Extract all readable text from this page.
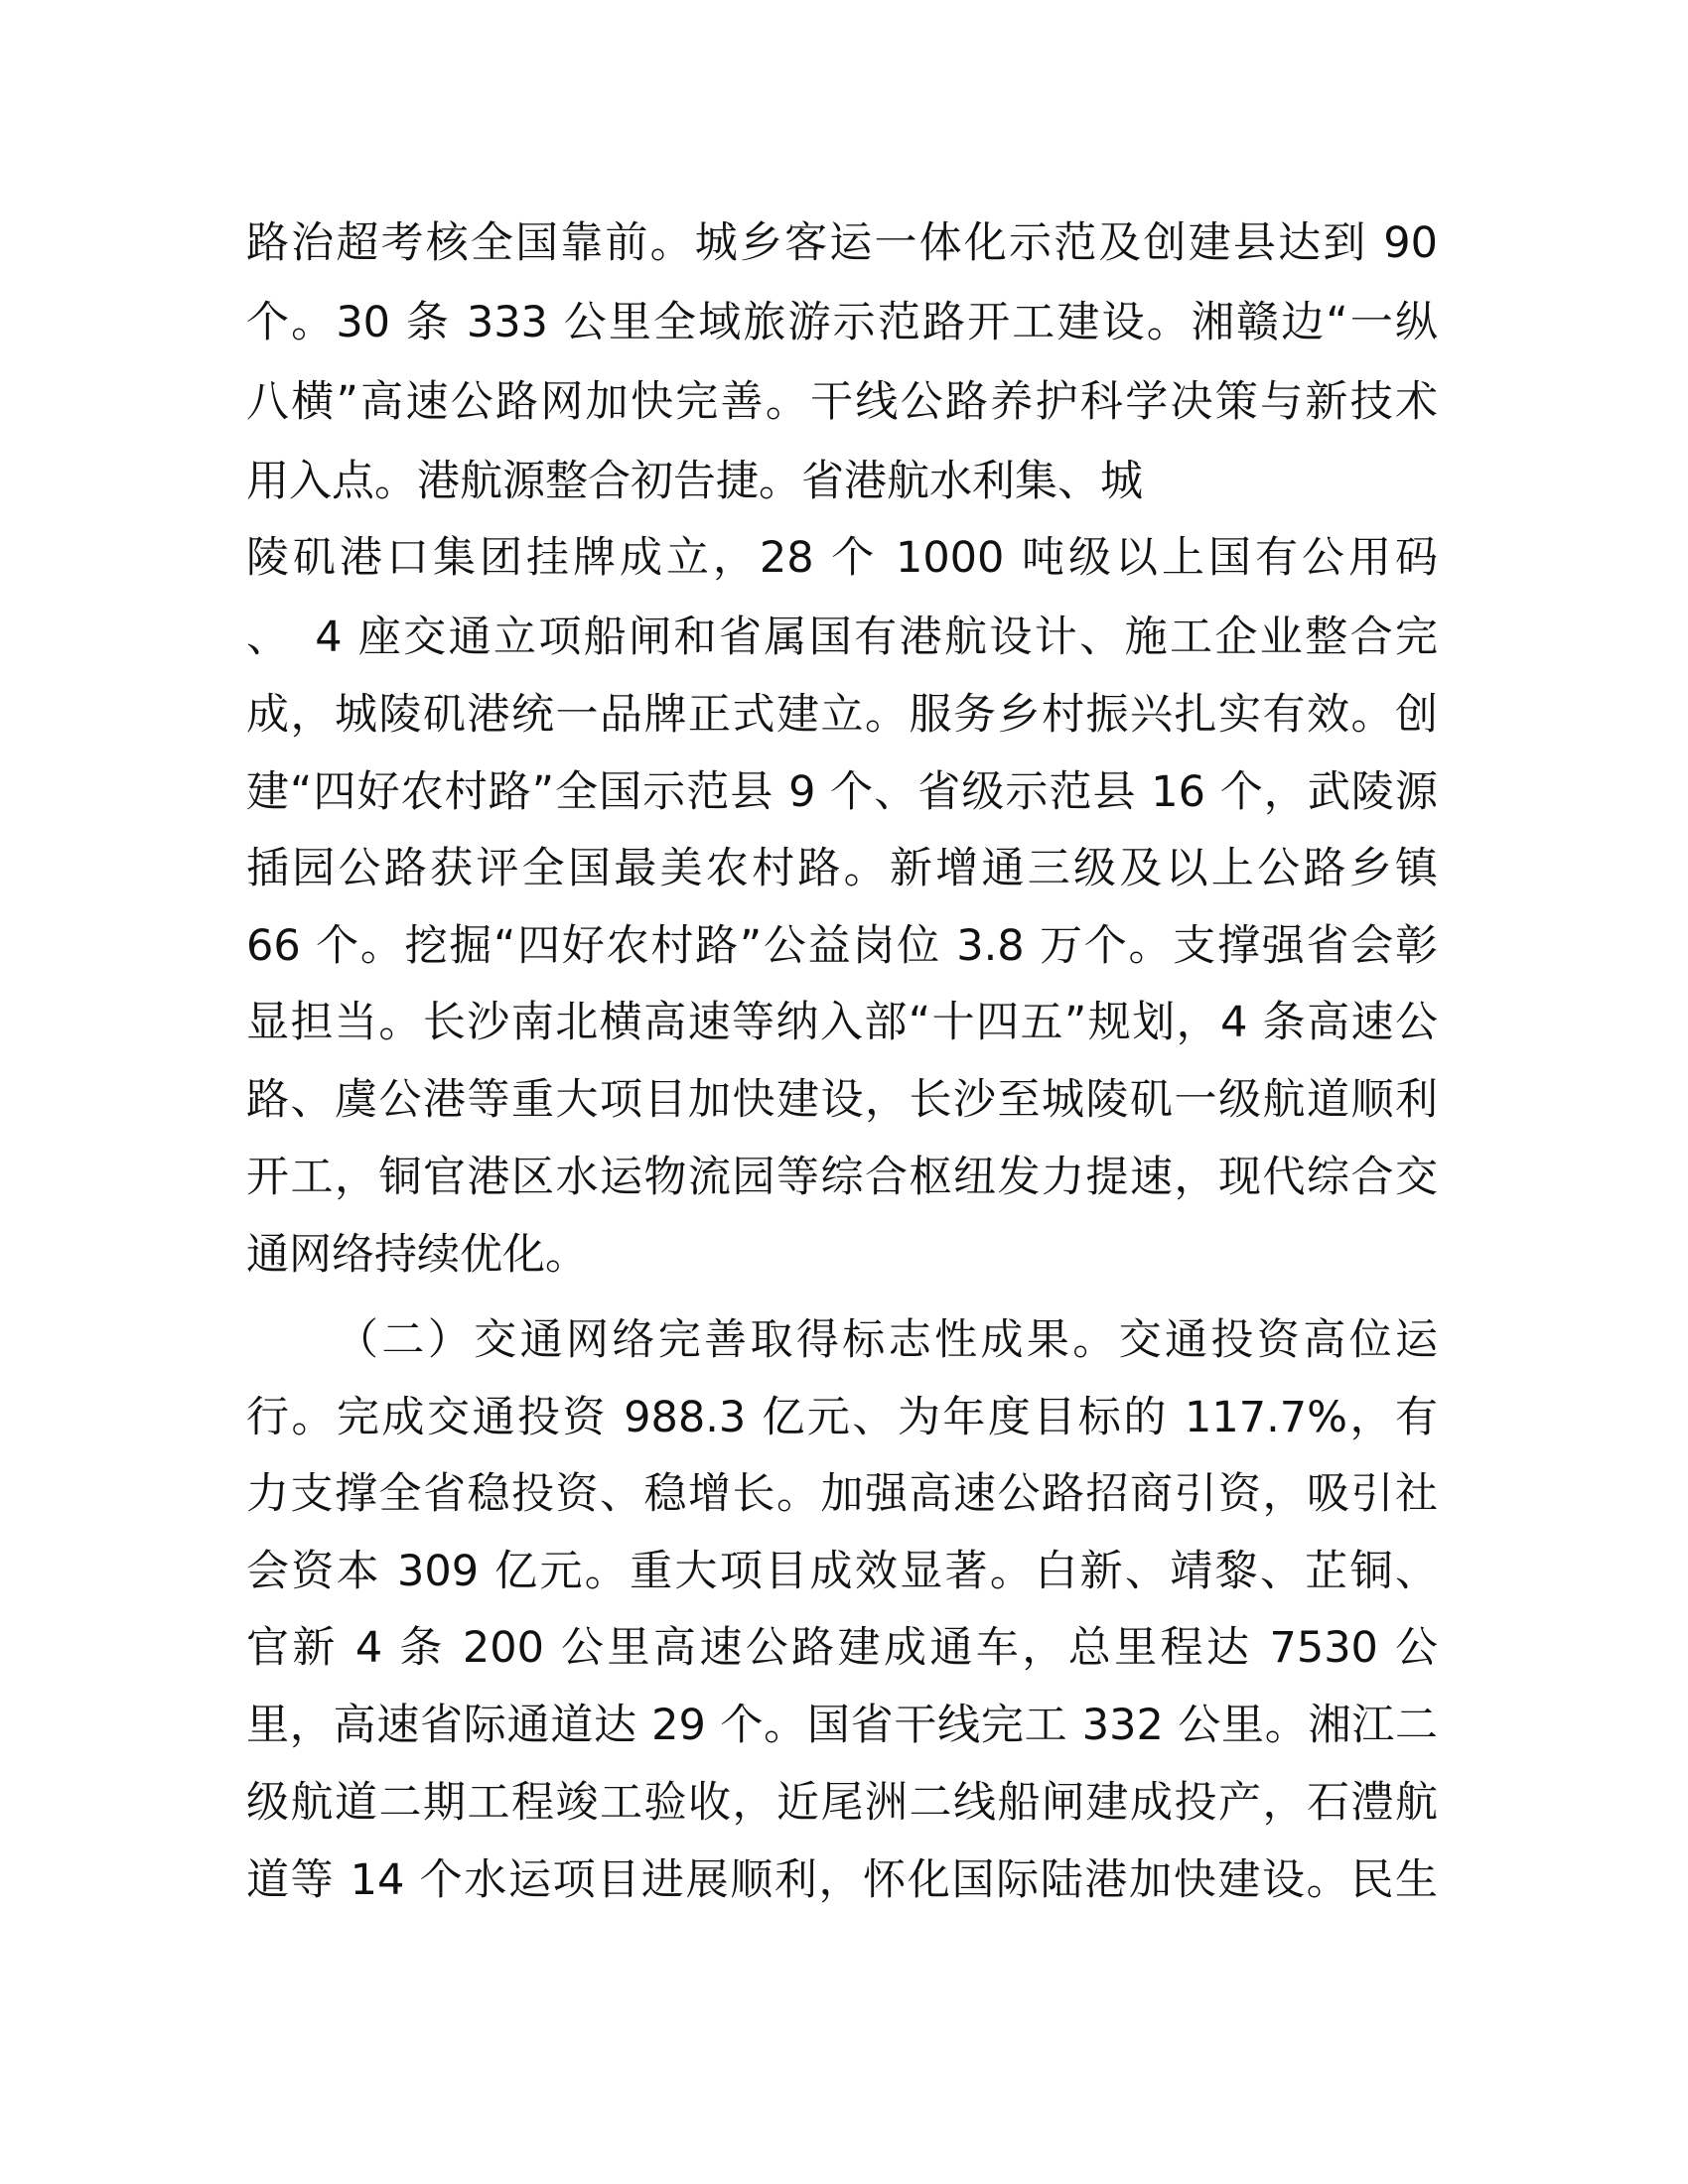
路治超考核全国靠前。城乡客运一体化示范及创建县达到 90

个。30 条 333 公里全域旅游示范路开工建设。湘赣边“一纵

八横”高速公路网加快完善。干线公路养护科学决策与新技术

用入点。港航源整合初告捷。省港航水利集、城

陵矶港口集团挂牌成立，28 个 1000 吨级以上国有公用码

、　4 座交通立项船闸和省属国有港航设计、施工企业整合完

成，城陵矶港统一品牌正式建立。服务乡村振兴扎实有效。创

建“四好农村路”全国示范县 9 个、省级示范县 16 个，武陵源

插园公路获评全国最美农村路。新增通三级及以上公路乡镇

66 个。挖掘“四好农村路”公益岗位 3.8 万个。支撑强省会彰

显担当。长沙南北横高速等纳入部“十四五”规划，4 条高速公

路、虞公港等重大项目加快建设，长沙至城陵矶一级航道顺利

开工，铜官港区水运物流园等综合枢纽发力提速，现代综合交

通网络持续优化。

（二）交通网络完善取得标志性成果。交通投资高位运

行。完成交通投资 988.3 亿元、为年度目标的 117.7%，有

力支撑全省稳投资、稳增长。加强高速公路招商引资，吸引社

会资本 309 亿元。重大项目成效显著。白新、靖黎、芷铜、

官新 4 条 200 公里高速公路建成通车，总里程达 7530 公

里，高速省际通道达 29 个。国省干线完工 332 公里。湘江二

级航道二期工程竣工验收，近尾洲二线船闸建成投产，石澧航

道等 14 个水运项目进展顺利，怀化国际陆港加快建设。民生
